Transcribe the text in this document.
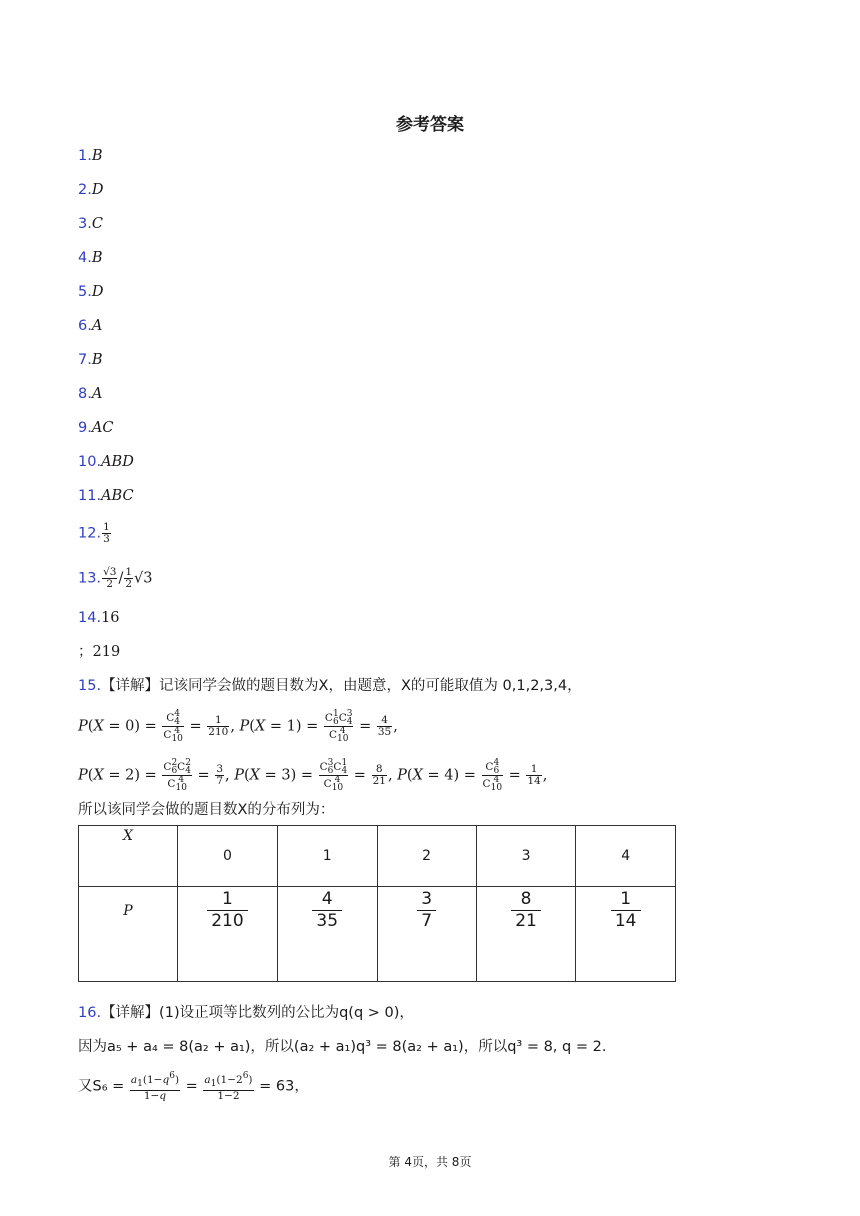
参考答案
1.B
2.D
3.C
4.B
5.D
6.A
7.B
8.A
9.AC
10.ABD
11.ABC
12. $\frac{1}{3}$
13. $\frac{√3}{2} / \frac{1}{2} √3$
14.16
；219
15.【详解】记该同学会做的题目数为X，由题意，X的可能取值为 0,1,2,3,4，
P(X = 0) = C 4
4
C 4
$10 = \frac{1}{210}$ , P(X = 1) = C 1
6 C 3
4
C 4
$10 = \frac{4}{35}$ ,
P(X = 2) = C 2
6 C 2
4
C 4
$10 = \frac{3}{7}$ , P(X = 3) = C 3
6 C 1
4
C 4
$10 = \frac{8}{21}$ , P(X = 4) = C 4
6
C 4
$10 = \frac{1}{14}$ ,
所以该同学会做的题目数X的分布列为：
X	0	1	2	3	4
P	$\frac{1}{210}$	$\frac{4}{35}$	$\frac{3}{7}$	$\frac{8}{21}$	$\frac{1}{14}$
16.【详解】(1)设正项等比数列的公比为q(q > 0)，
因为a₅ + a₄ = 8(a₂ + a₁)，所以(a₂ + a₁)q³ = 8(a₂ + a₁)，所以q³ = 8, q = 2.
又$S_6 = \frac{a1(1-q6)}{1-q} = \frac{a1(1-26)}{1-2} = 63$，
第 4页，共 8页
